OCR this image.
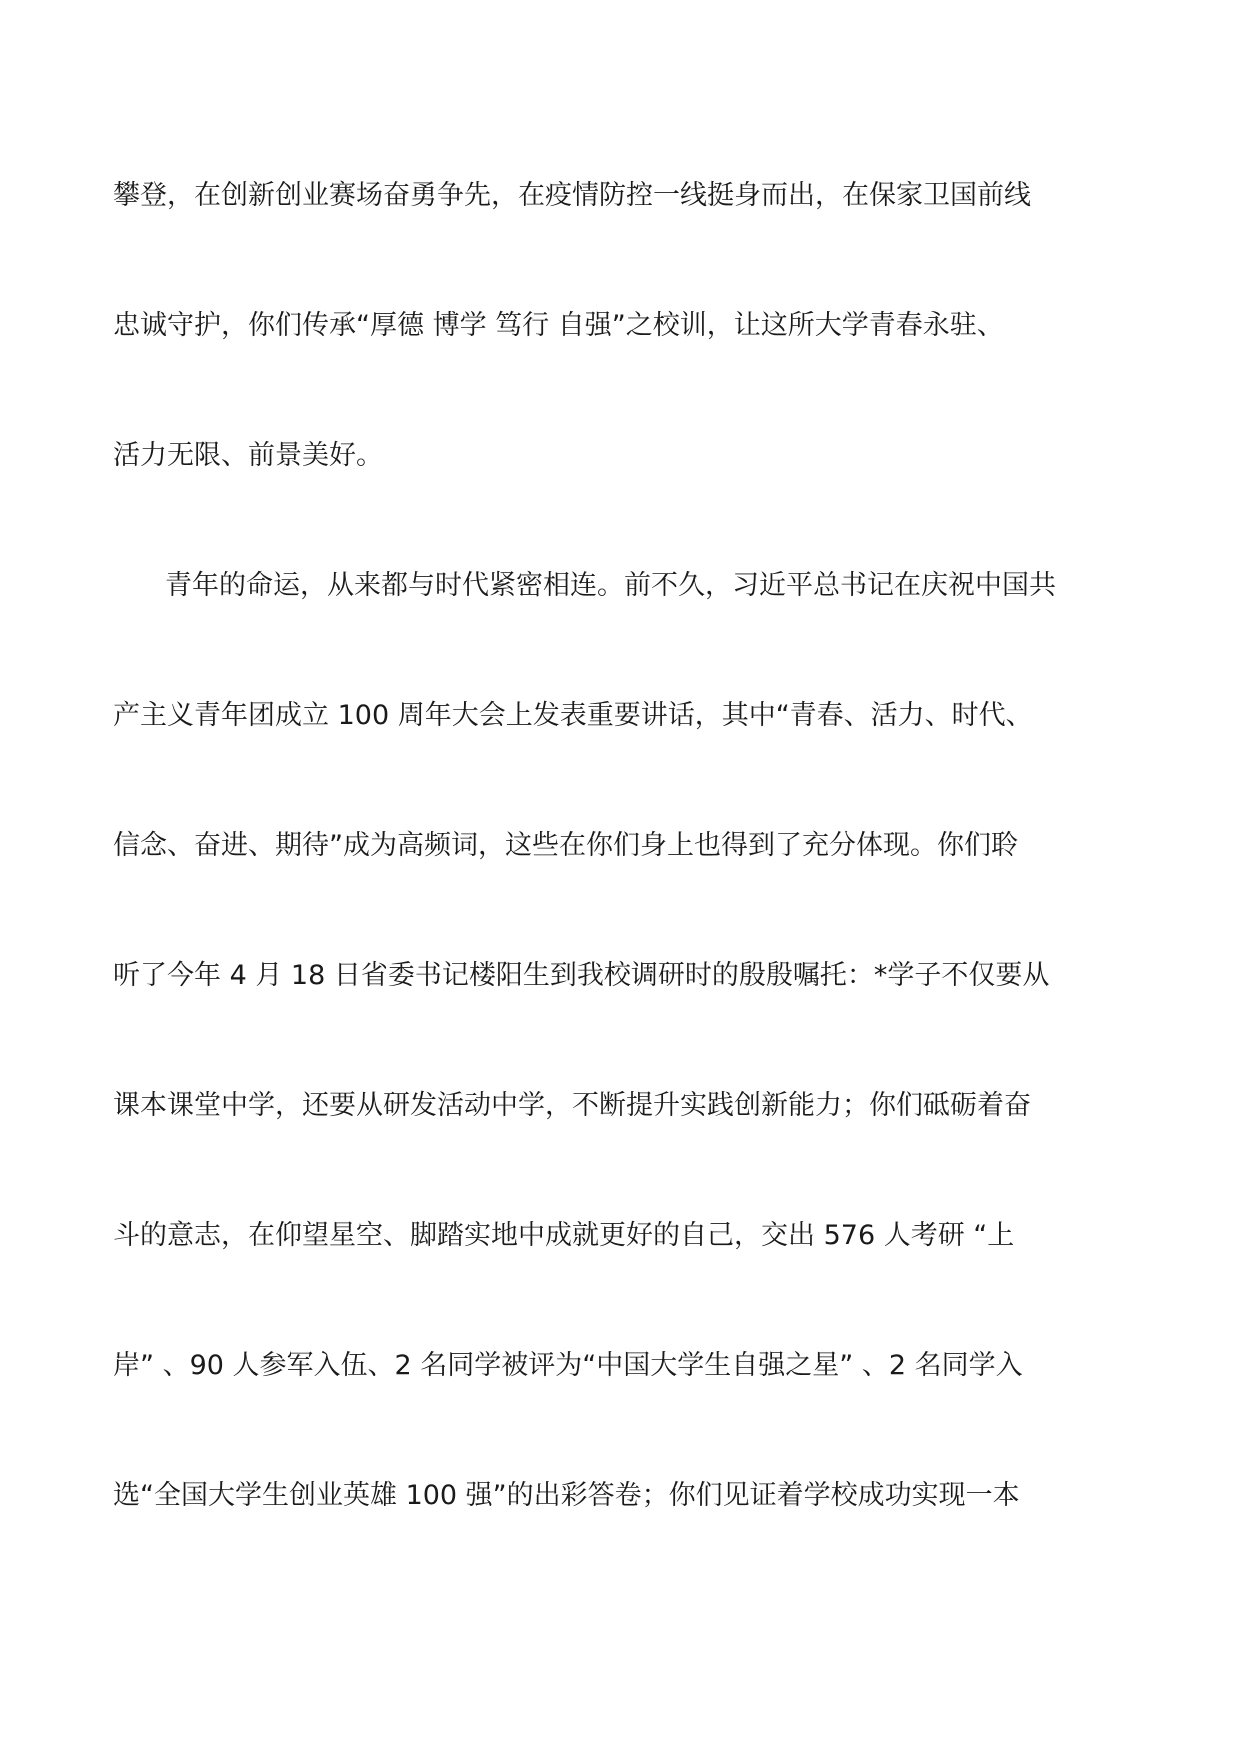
攀登，在创新创业赛场奋勇争先，在疫情防控一线挺身而出，在保家卫国前线
忠诚守护，你们传承“厚德 博学 笃行 自强”之校训，让这所大学青春永驻、
活力无限、前景美好。
青年的命运，从来都与时代紧密相连。前不久，习近平总书记在庆祝中国共
产主义青年团成立 100 周年大会上发表重要讲话，其中“青春、活力、时代、
信念、奋进、期待”成为高频词，这些在你们身上也得到了充分体现。你们聆
听了今年 4 月 18 日省委书记楼阳生到我校调研时的殷殷嘱托：*学子不仅要从
课本课堂中学，还要从研发活动中学，不断提升实践创新能力；你们砥砺着奋
斗的意志，在仰望星空、脚踏实地中成就更好的自己，交出 576 人考研 “上
岸” 、90 人参军入伍、2 名同学被评为“中国大学生自强之星” 、2 名同学入
选“全国大学生创业英雄 100 强”的出彩答卷；你们见证着学校成功实现一本
